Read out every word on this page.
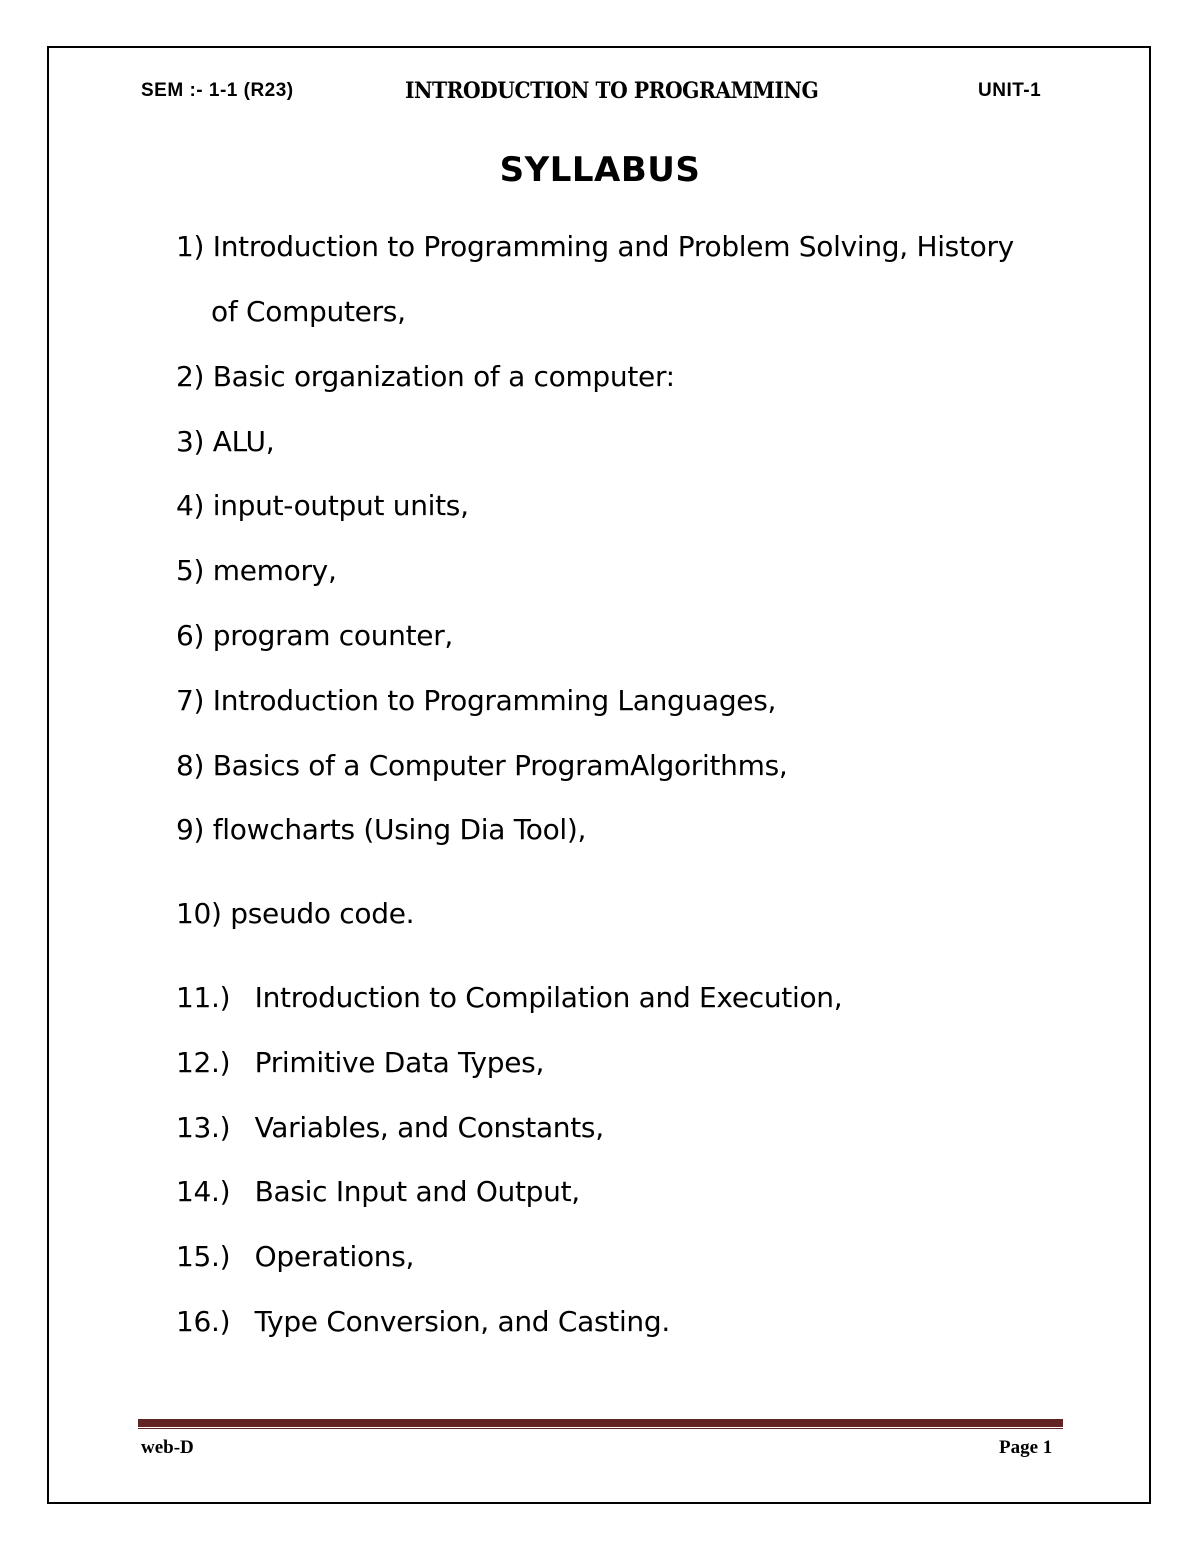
SEM :- 1-1 (R23)	INTRODUCTION TO PROGRAMMING	UNIT-1
SYLLABUS
1) Introduction to Programming and Problem Solving, History
of Computers,
2) Basic organization of a computer:
3) ALU,
4) input-output units,
5) memory,
6) program counter,
7) Introduction to Programming Languages,
8) Basics of a Computer ProgramAlgorithms,
9) flowcharts (Using Dia Tool),
10) pseudo code.
11.) Introduction to Compilation and Execution,
12.) Primitive Data Types,
13.) Variables, and Constants,
14.) Basic Input and Output,
15.) Operations,
16.) Type Conversion, and Casting.
web-D	Page 1
